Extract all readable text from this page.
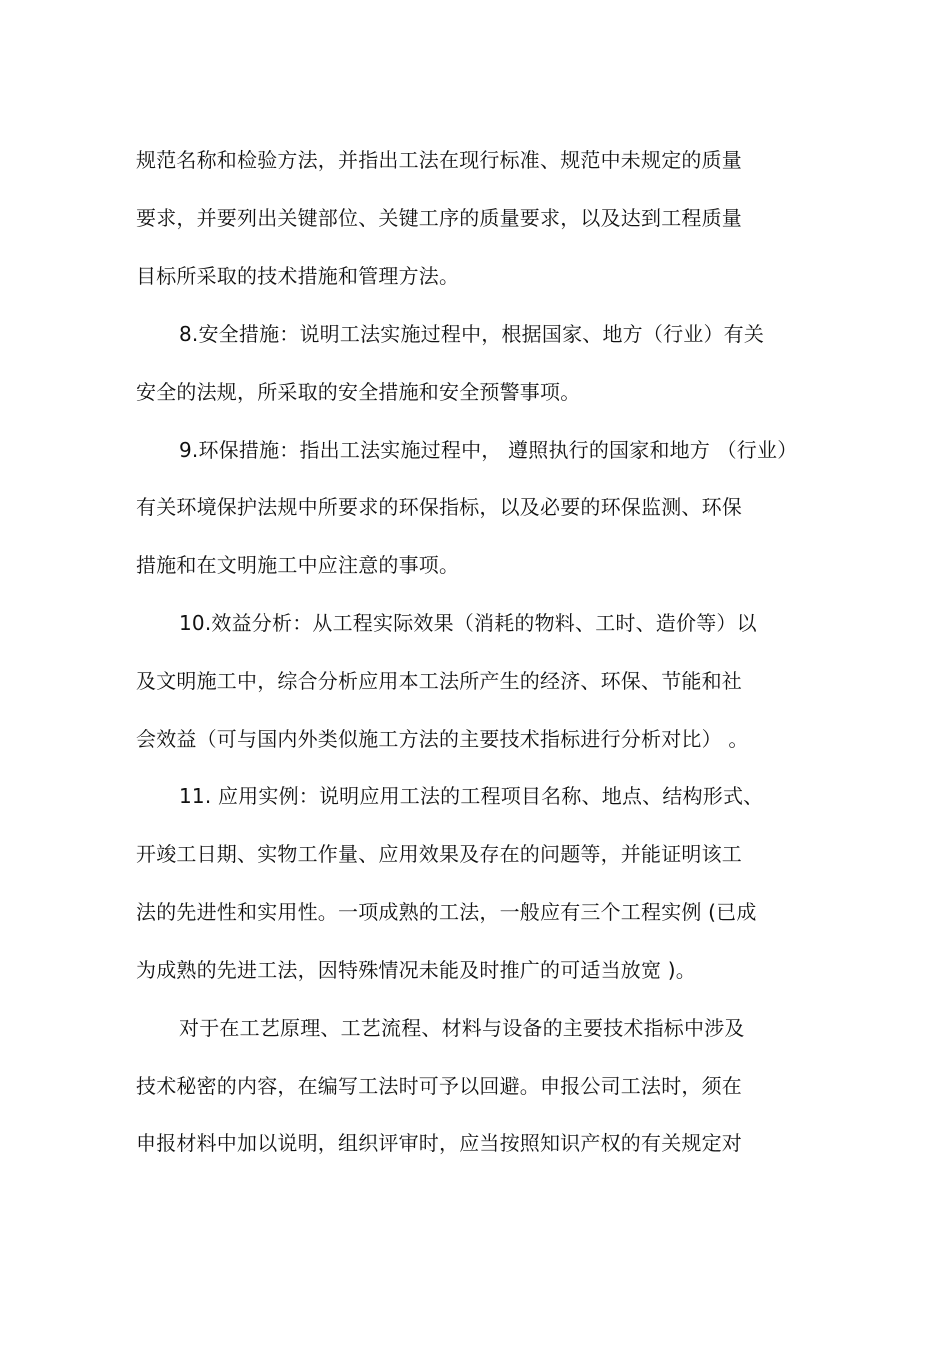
规范名称和检验方法，并指出工法在现行标准、规范中未规定的质量
要求，并要列出关键部位、关键工序的质量要求，以及达到工程质量
目标所采取的技术措施和管理方法。
8.安全措施：说明工法实施过程中，根据国家、地方（行业）有关
安全的法规，所采取的安全措施和安全预警事项。
9.环保措施：指出工法实施过程中， 遵照执行的国家和地方 （行业）
有关环境保护法规中所要求的环保指标，以及必要的环保监测、环保
措施和在文明施工中应注意的事项。
10.效益分析：从工程实际效果（消耗的物料、工时、造价等）以
及文明施工中，综合分析应用本工法所产生的经济、环保、节能和社
会效益（可与国内外类似施工方法的主要技术指标进行分析对比） 。
11. 应用实例：说明应用工法的工程项目名称、地点、结构形式、
开竣工日期、实物工作量、应用效果及存在的问题等，并能证明该工
法的先进性和实用性。一项成熟的工法，一般应有三个工程实例 (已成
为成熟的先进工法，因特殊情况未能及时推广的可适当放宽 )。
对于在工艺原理、工艺流程、材料与设备的主要技术指标中涉及
技术秘密的内容，在编写工法时可予以回避。申报公司工法时，须在
申报材料中加以说明，组织评审时，应当按照知识产权的有关规定对
